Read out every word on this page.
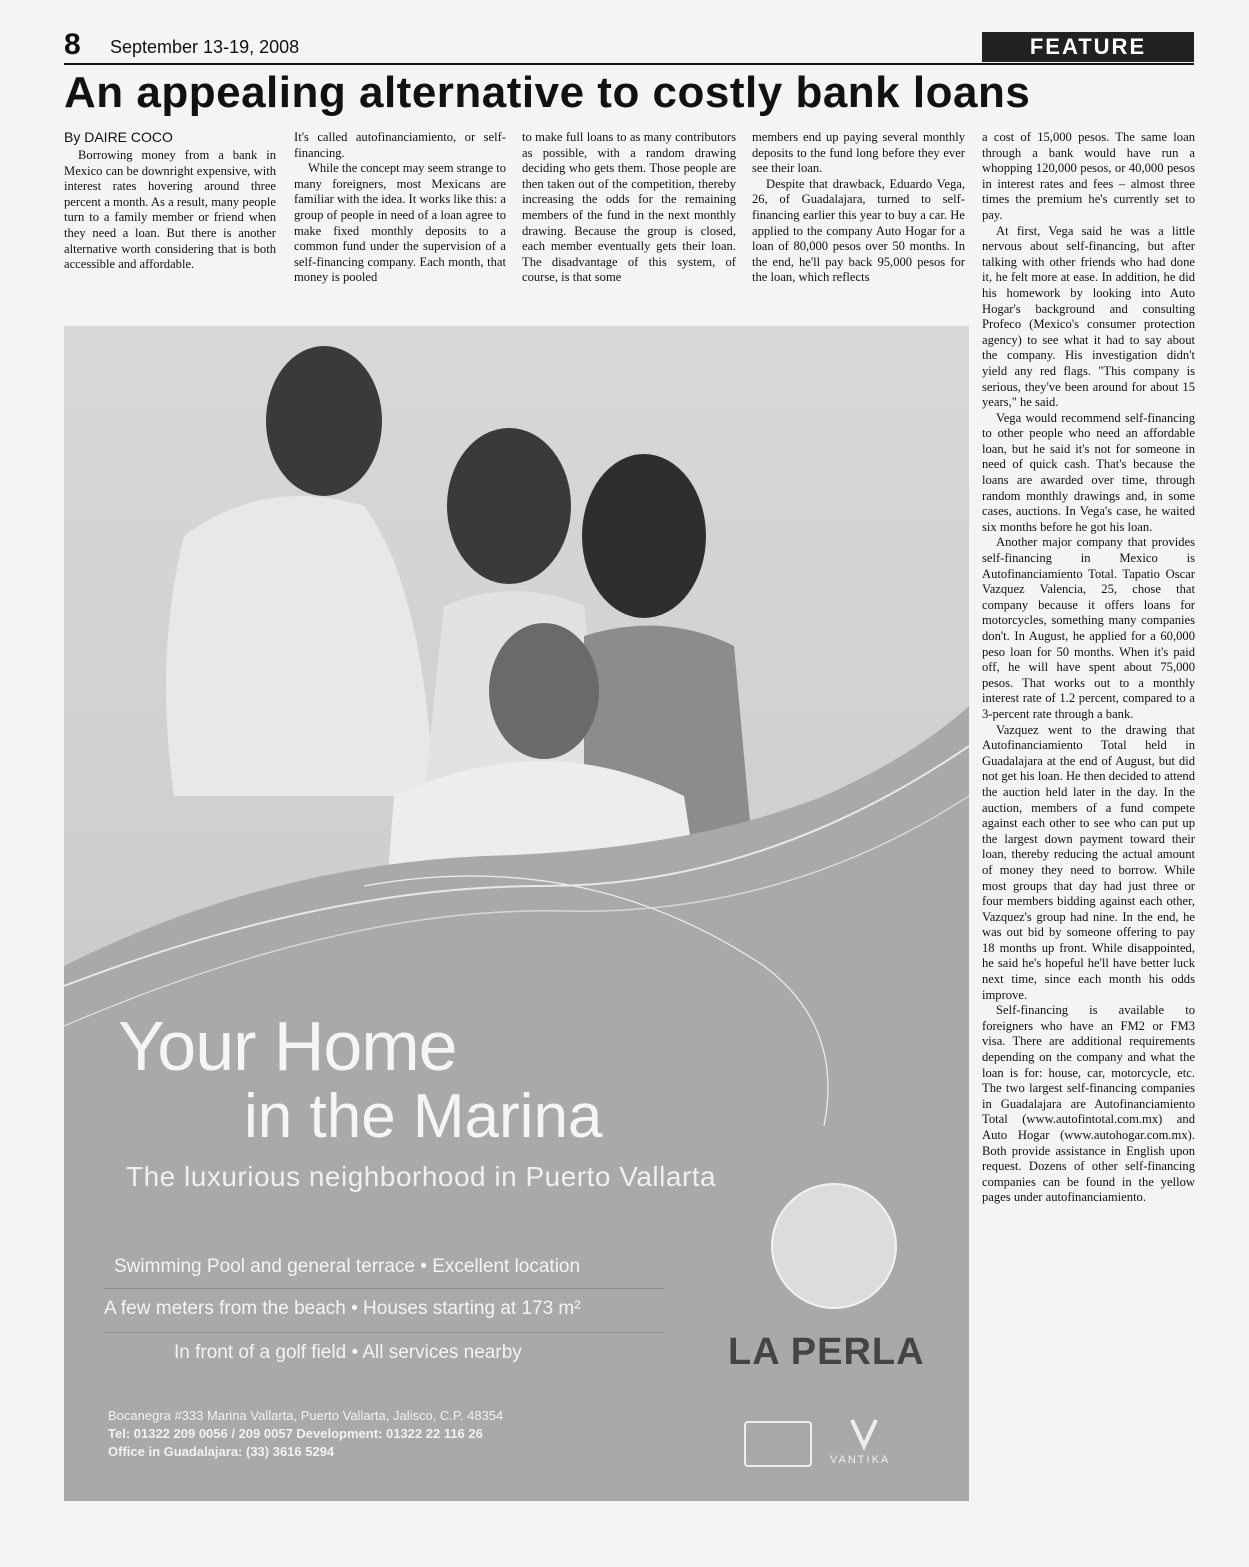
8 September 13-19, 2008	FEATURE
An appealing alternative to costly bank loans
By DAIRE COCO

Borrowing money from a bank in Mexico can be downright expensive, with interest rates hovering around three percent a month. As a result, many people turn to a family member or friend when they need a loan. But there is another alternative worth considering that is both accessible and affordable.

It's called autofinanciamiento, or self-financing.

While the concept may seem strange to many foreigners, most Mexicans are familiar with the idea. It works like this: a group of people in need of a loan agree to make fixed monthly deposits to a common fund under the supervision of a self-financing company. Each month, that money is pooled

to make full loans to as many contributors as possible, with a random drawing deciding who gets them. Those people are then taken out of the competition, thereby increasing the odds for the remaining members of the fund in the next monthly drawing. Because the group is closed, each member eventually gets their loan. The disadvantage of this system, of course, is that some

members end up paying several monthly deposits to the fund long before they ever see their loan.

Despite that drawback, Eduardo Vega, 26, of Guadalajara, turned to self-financing earlier this year to buy a car. He applied to the company Auto Hogar for a loan of 80,000 pesos over 50 months. In the end, he'll pay back 95,000 pesos for the loan, which reflects

a cost of 15,000 pesos. The same loan through a bank would have run a whopping 120,000 pesos, or 40,000 pesos in interest rates and fees – almost three times the premium he's currently set to pay.

At first, Vega said he was a little nervous about self-financing, but after talking with other friends who had done it, he felt more at ease. In addition, he did his homework by looking into Auto Hogar's background and consulting Profeco (Mexico's consumer protection agency) to see what it had to say about the company. His investigation didn't yield any red flags. "This company is serious, they've been around for about 15 years," he said.

Vega would recommend self-financing to other people who need an affordable loan, but he said it's not for someone in need of quick cash. That's because the loans are awarded over time, through random monthly drawings and, in some cases, auctions. In Vega's case, he waited six months before he got his loan.

Another major company that provides self-financing in Mexico is Autofinanciamiento Total. Tapatio Oscar Vazquez Valencia, 25, chose that company because it offers loans for motorcycles, something many companies don't. In August, he applied for a 60,000 peso loan for 50 months. When it's paid off, he will have spent about 75,000 pesos. That works out to a monthly interest rate of 1.2 percent, compared to a 3-percent rate through a bank.

Vazquez went to the drawing that Autofinanciamiento Total held in Guadalajara at the end of August, but did not get his loan. He then decided to attend the auction held later in the day. In the auction, members of a fund compete against each other to see who can put up the largest down payment toward their loan, thereby reducing the actual amount of money they need to borrow. While most groups that day had just three or four members bidding against each other, Vazquez's group had nine. In the end, he was out bid by someone offering to pay 18 months up front. While disappointed, he said he's hopeful he'll have better luck next time, since each month his odds improve.

Self-financing is available to foreigners who have an FM2 or FM3 visa. There are additional requirements depending on the company and what the loan is for: house, car, motorcycle, etc. The two largest self-financing companies in Guadalajara are Autofinanciamiento Total (www.autofintotal.com.mx) and Auto Hogar (www.autohogar.com.mx). Both provide assistance in English upon request. Dozens of other self-financing companies can be found in the yellow pages under autofinanciamiento.

Your Home
in the Marina
The luxurious neighborhood in Puerto Vallarta
Swimming Pool and general terrace • Excellent location
A few meters from the beach • Houses starting at 173 m²
In front of a golf field • All services nearby	LA PERLA
Bocanegra #333 Marina Vallarta, Puerto Vallarta, Jalisco, C.P. 48354
Tel: 01322 209 0056 / 209 0057 Development: 01322 22 116 26
Office in Guadalajara: (33) 3616 5294
VANTIKA
